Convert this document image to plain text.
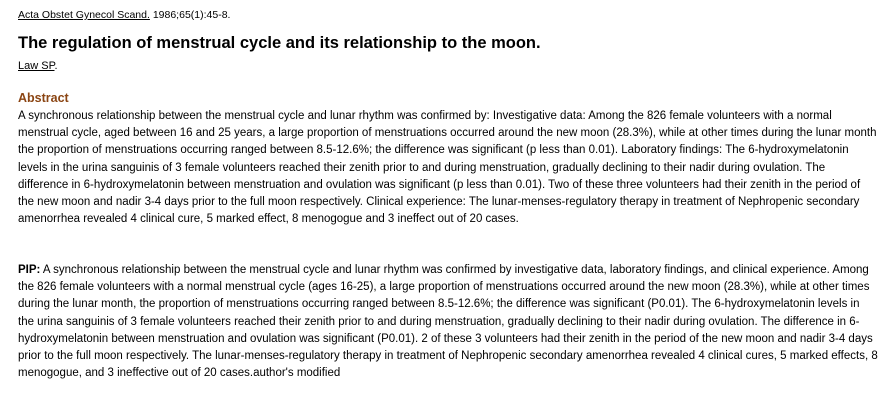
Acta Obstet Gynecol Scand. 1986;65(1):45-8.
The regulation of menstrual cycle and its relationship to the moon.
Law SP.
Abstract

A synchronous relationship between the menstrual cycle and lunar rhythm was confirmed by: Investigative data: Among the 826 female volunteers with a normal menstrual cycle, aged between 16 and 25 years, a large proportion of menstruations occurred around the new moon (28.3%), while at other times during the lunar month the proportion of menstruations occurring ranged between 8.5-12.6%; the difference was significant (p less than 0.01). Laboratory findings: The 6-hydroxymelatonin levels in the urina sanguinis of 3 female volunteers reached their zenith prior to and during menstruation, gradually declining to their nadir during ovulation. The difference in 6-hydroxymelatonin between menstruation and ovulation was significant (p less than 0.01). Two of these three volunteers had their zenith in the period of the new moon and nadir 3-4 days prior to the full moon respectively. Clinical experience: The lunar-menses-regulatory therapy in treatment of Nephropenic secondary amenorrhea revealed 4 clinical cure, 5 marked effect, 8 menogogue and 3 ineffect out of 20 cases.

PIP: A synchronous relationship between the menstrual cycle and lunar rhythm was confirmed by investigative data, laboratory findings, and clinical experience. Among the 826 female volunteers with a normal menstrual cycle (ages 16-25), a large proportion of menstruations occurred around the new moon (28.3%), while at other times during the lunar month, the proportion of menstruations occurring ranged between 8.5-12.6%; the difference was significant (P0.01). The 6-hydroxymelatonin levels in the urina sanguinis of 3 female volunteers reached their zenith prior to and during menstruation, gradually declining to their nadir during ovulation. The difference in 6-hydroxymelatonin between menstruation and ovulation was significant (P0.01). 2 of these 3 volunteers had their zenith in the period of the new moon and nadir 3-4 days prior to the full moon respectively. The lunar-menses-regulatory therapy in treatment of Nephropenic secondary amenorrhea revealed 4 clinical cures, 5 marked effects, 8 menogogue, and 3 ineffective out of 20 cases.author's modified
